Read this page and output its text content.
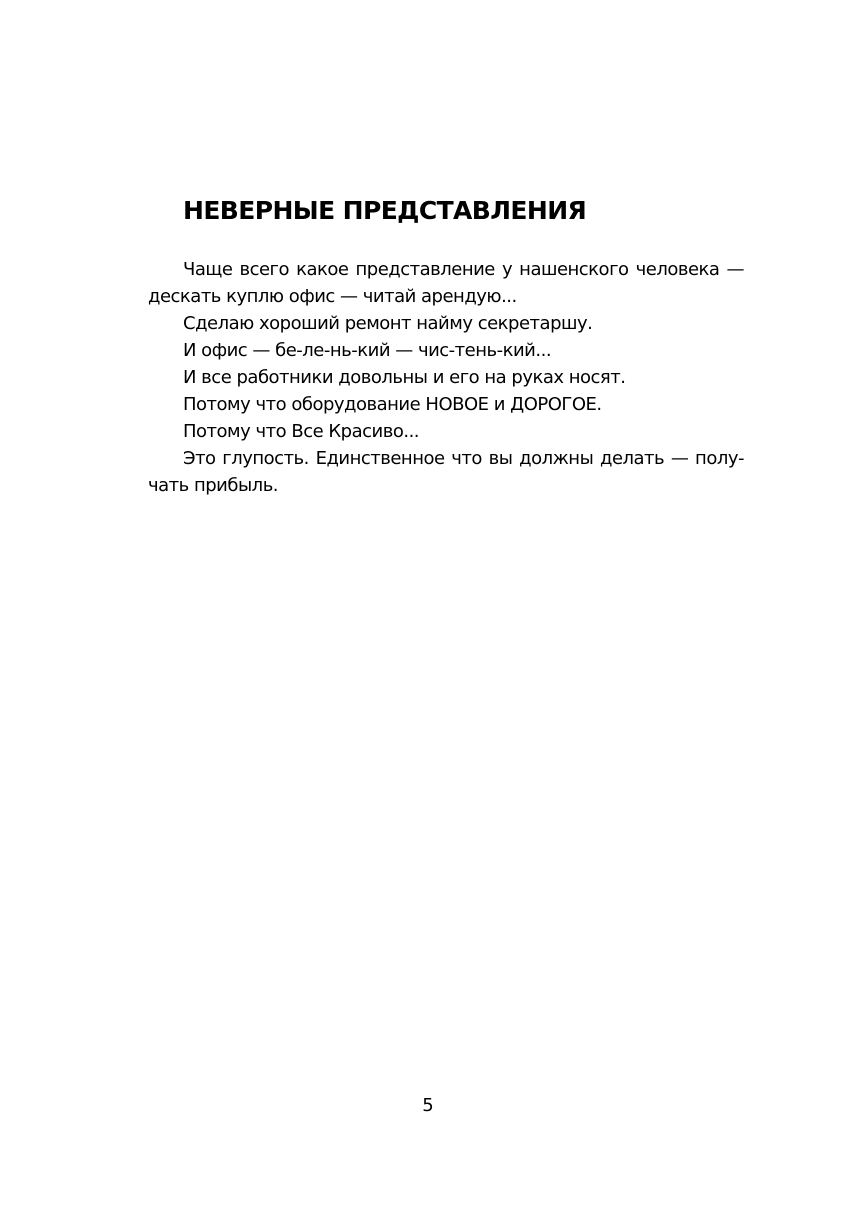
НЕВЕРНЫЕ ПРЕДСТАВЛЕНИЯ
Чаще всего какое представление у нашенского человека —
дескать куплю офис — читай арендую...

Сделаю хороший ремонт найму секретаршу.

И офис — бе-ле-нь-кий — чис-тень-кий...

И все работники довольны и его на руках носят.

Потому что оборудование НОВОЕ и ДОРОГОЕ.

Потому что Все Красиво...

Это глупость. Единственное что вы должны делать — полу-
чать прибыль.
5
